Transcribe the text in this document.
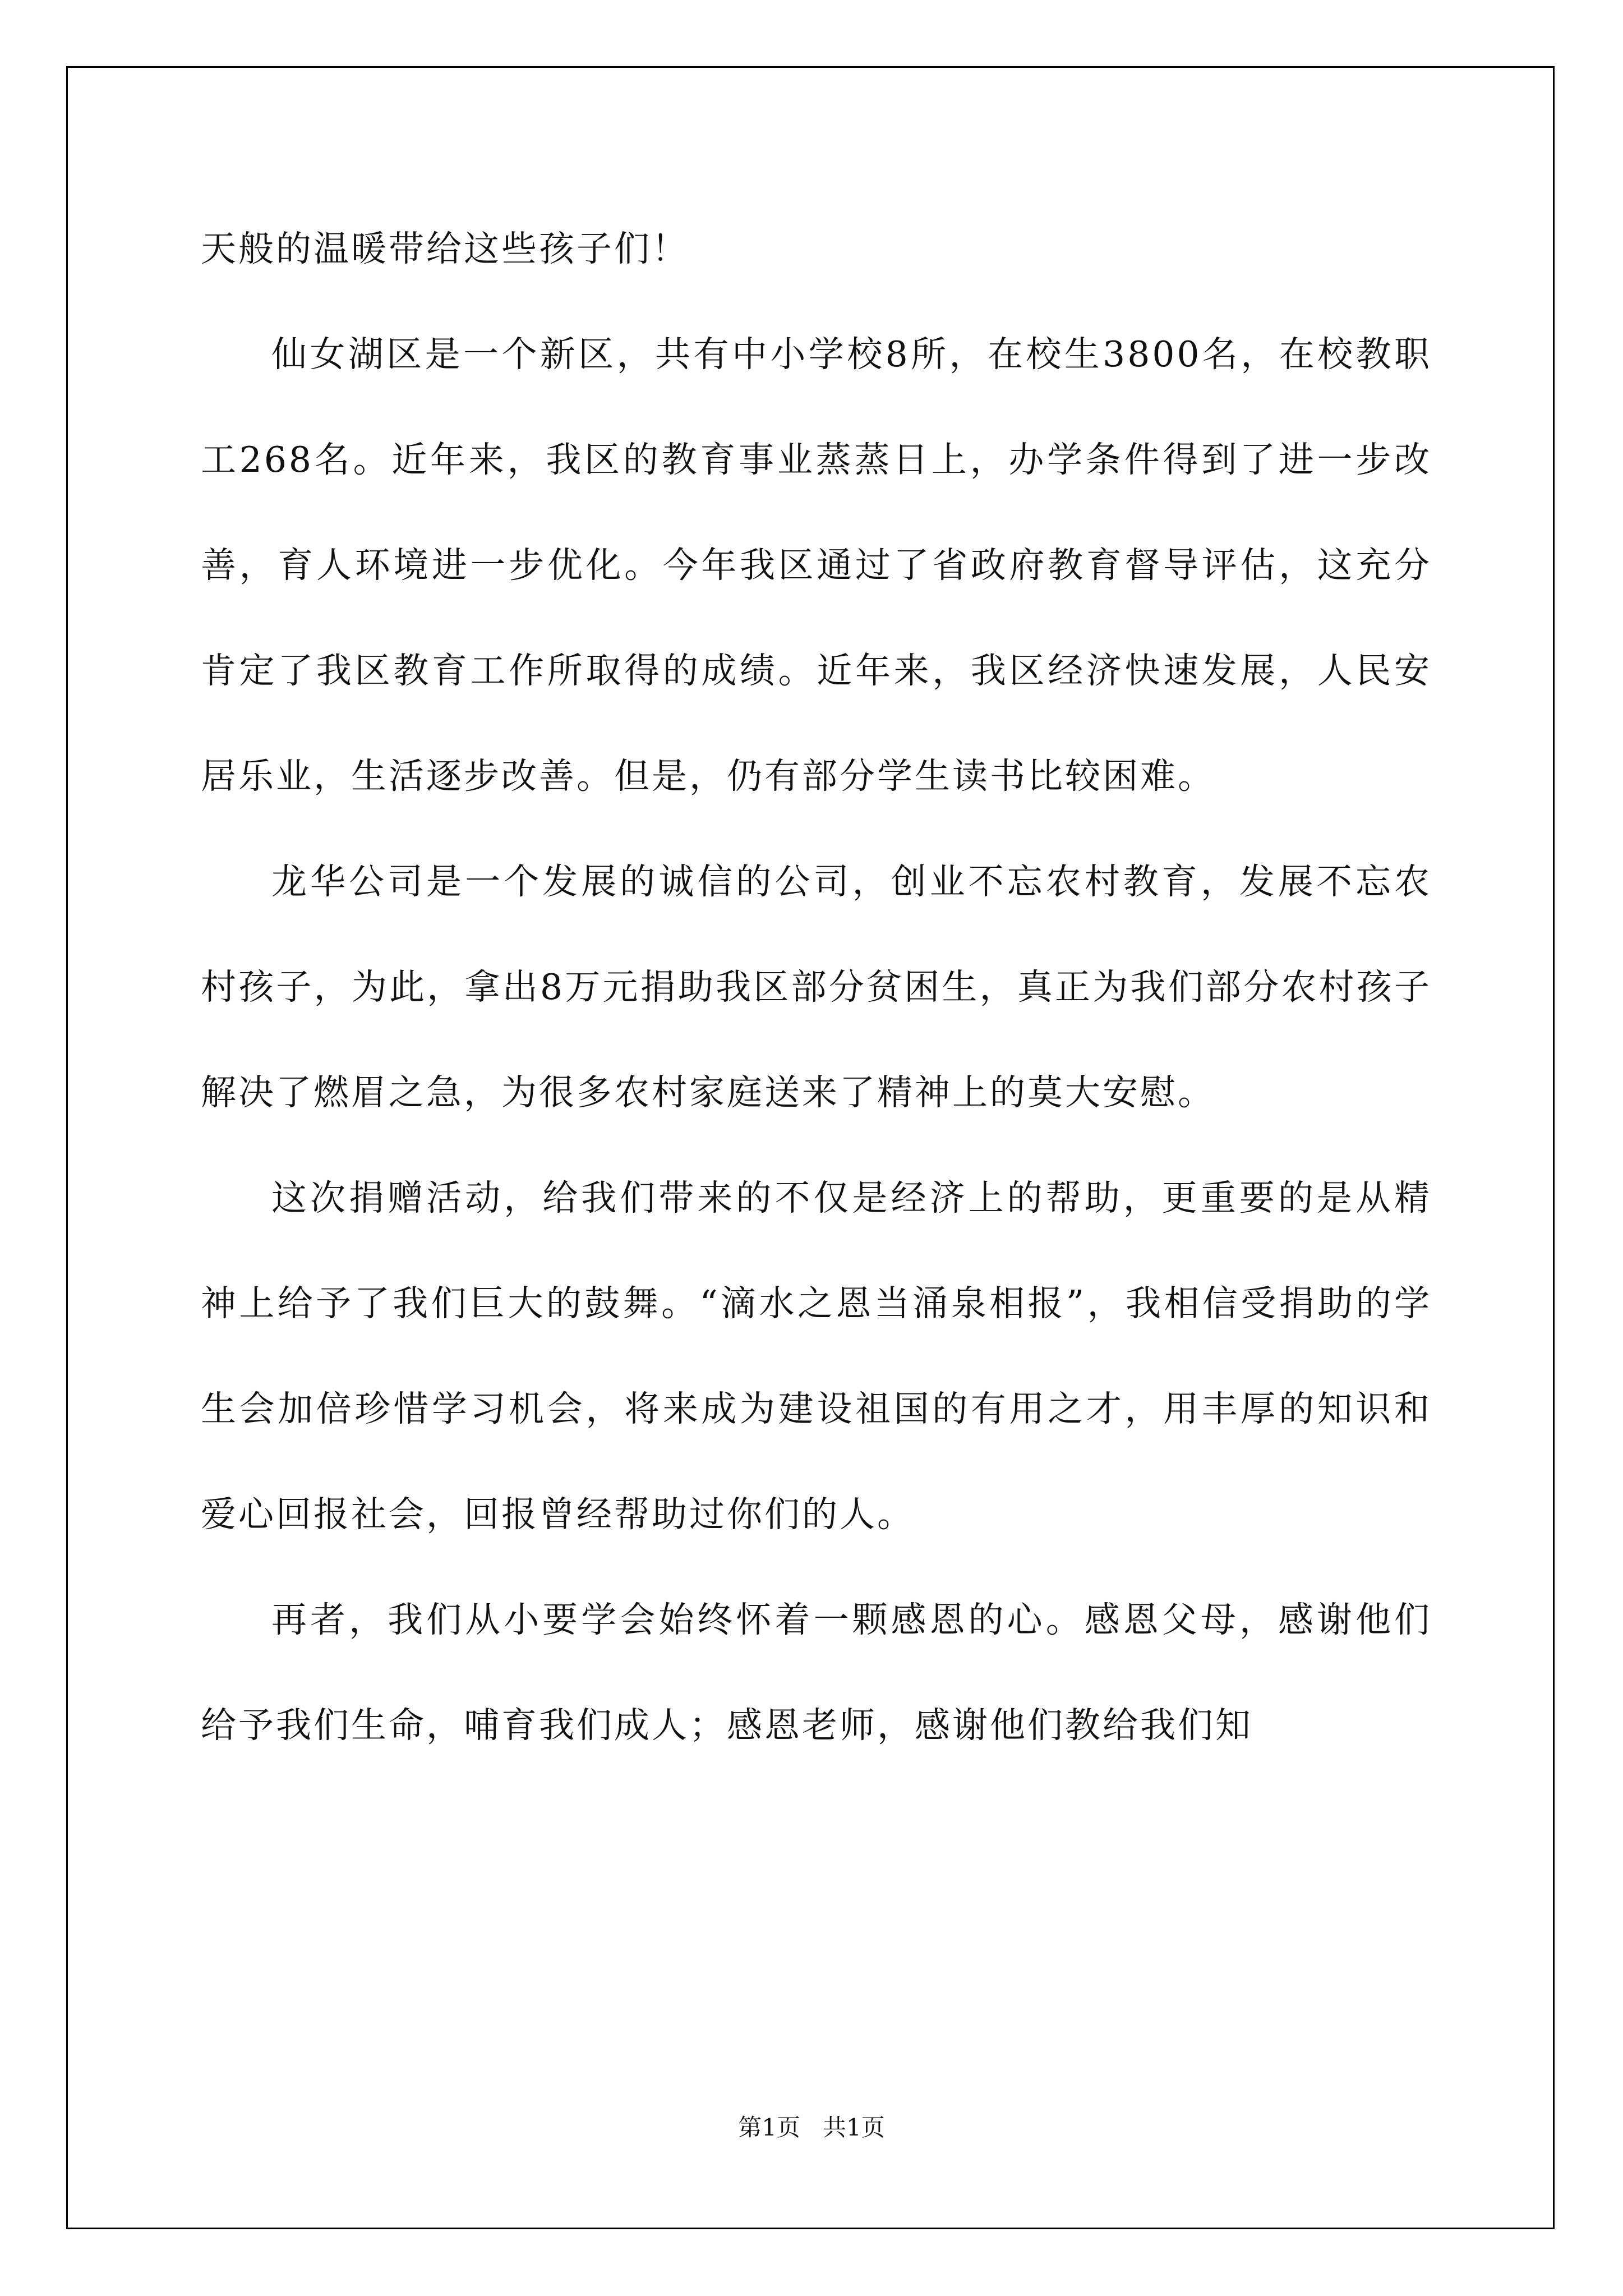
天般的温暖带给这些孩子们！

仙女湖区是一个新区，共有中小学校8所，在校生3800名，在校教职工268名。近年来，我区的教育事业蒸蒸日上，办学条件得到了进一步改善，育人环境进一步优化。今年我区通过了省政府教育督导评估，这充分肯定了我区教育工作所取得的成绩。近年来，我区经济快速发展，人民安居乐业，生活逐步改善。但是，仍有部分学生读书比较困难。

龙华公司是一个发展的诚信的公司，创业不忘农村教育，发展不忘农村孩子，为此，拿出8万元捐助我区部分贫困生，真正为我们部分农村孩子解决了燃眉之急，为很多农村家庭送来了精神上的莫大安慰。

这次捐赠活动，给我们带来的不仅是经济上的帮助，更重要的是从精神上给予了我们巨大的鼓舞。“滴水之恩当涌泉相报”，我相信受捐助的学生会加倍珍惜学习机会，将来成为建设祖国的有用之才，用丰厚的知识和爱心回报社会，回报曾经帮助过你们的人。

再者，我们从小要学会始终怀着一颗感恩的心。感恩父母，感谢他们给予我们生命，哺育我们成人；感恩老师，感谢他们教给我们知

第1页 共1页
